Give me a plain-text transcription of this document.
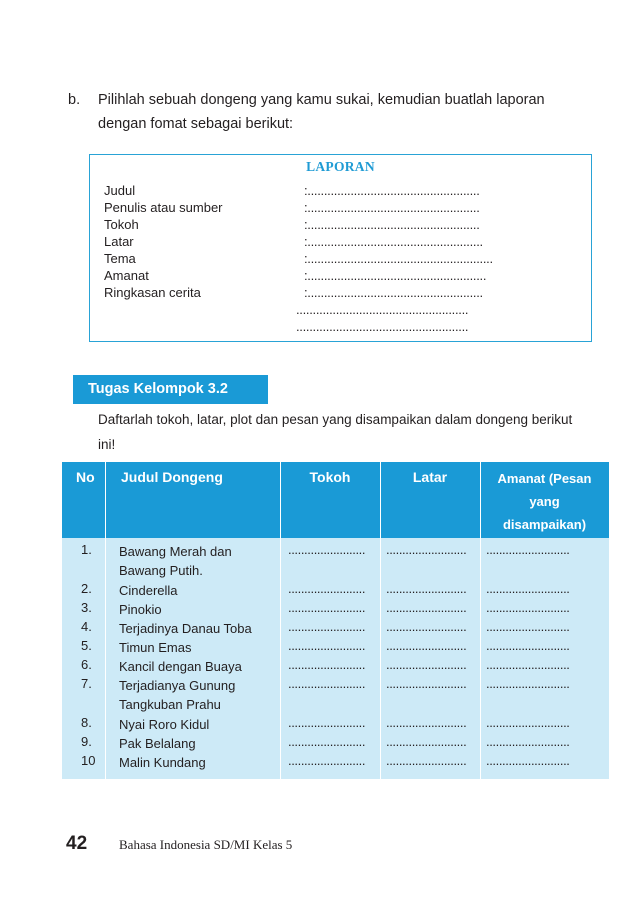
b. Pilihlah sebuah dongeng yang kamu sukai, kemudian buatlah laporan
dengan fomat sebagai berikut:
LAPORAN
Judul	:....................................................
Penulis atau sumber	:....................................................
Tokoh	:....................................................
Latar	:.....................................................
Tema	:........................................................
Amanat	:......................................................
Ringkasan cerita	:.....................................................
....................................................
....................................................
Tugas Kelompok 3.2
Daftarlah tokoh, latar, plot dan pesan yang disampaikan dalam dongeng berikut
ini!
No Judul Dongeng	Tokoh	Latar	Amanat (Pesan
yang
disampaikan)
1. Bawang Merah dan
Bawang Putih.
........................ ......................... ..........................
2. Cinderella	........................ ......................... ..........................
3. Pinokio	........................ ......................... ..........................
4. Terjadinya Danau Toba	........................ ......................... ..........................
5. Timun Emas	........................ ......................... ..........................
6. Kancil dengan Buaya	........................ ......................... ..........................
7. Terjadianya Gunung
Tangkuban Prahu
........................ ......................... ..........................
8. Nyai Roro Kidul	........................ ......................... ..........................
9. Pak Belalang	........................ ......................... ..........................
10 Malin Kundang	........................ ......................... ..........................
42 Bahasa Indonesia SD/MI Kelas 5
